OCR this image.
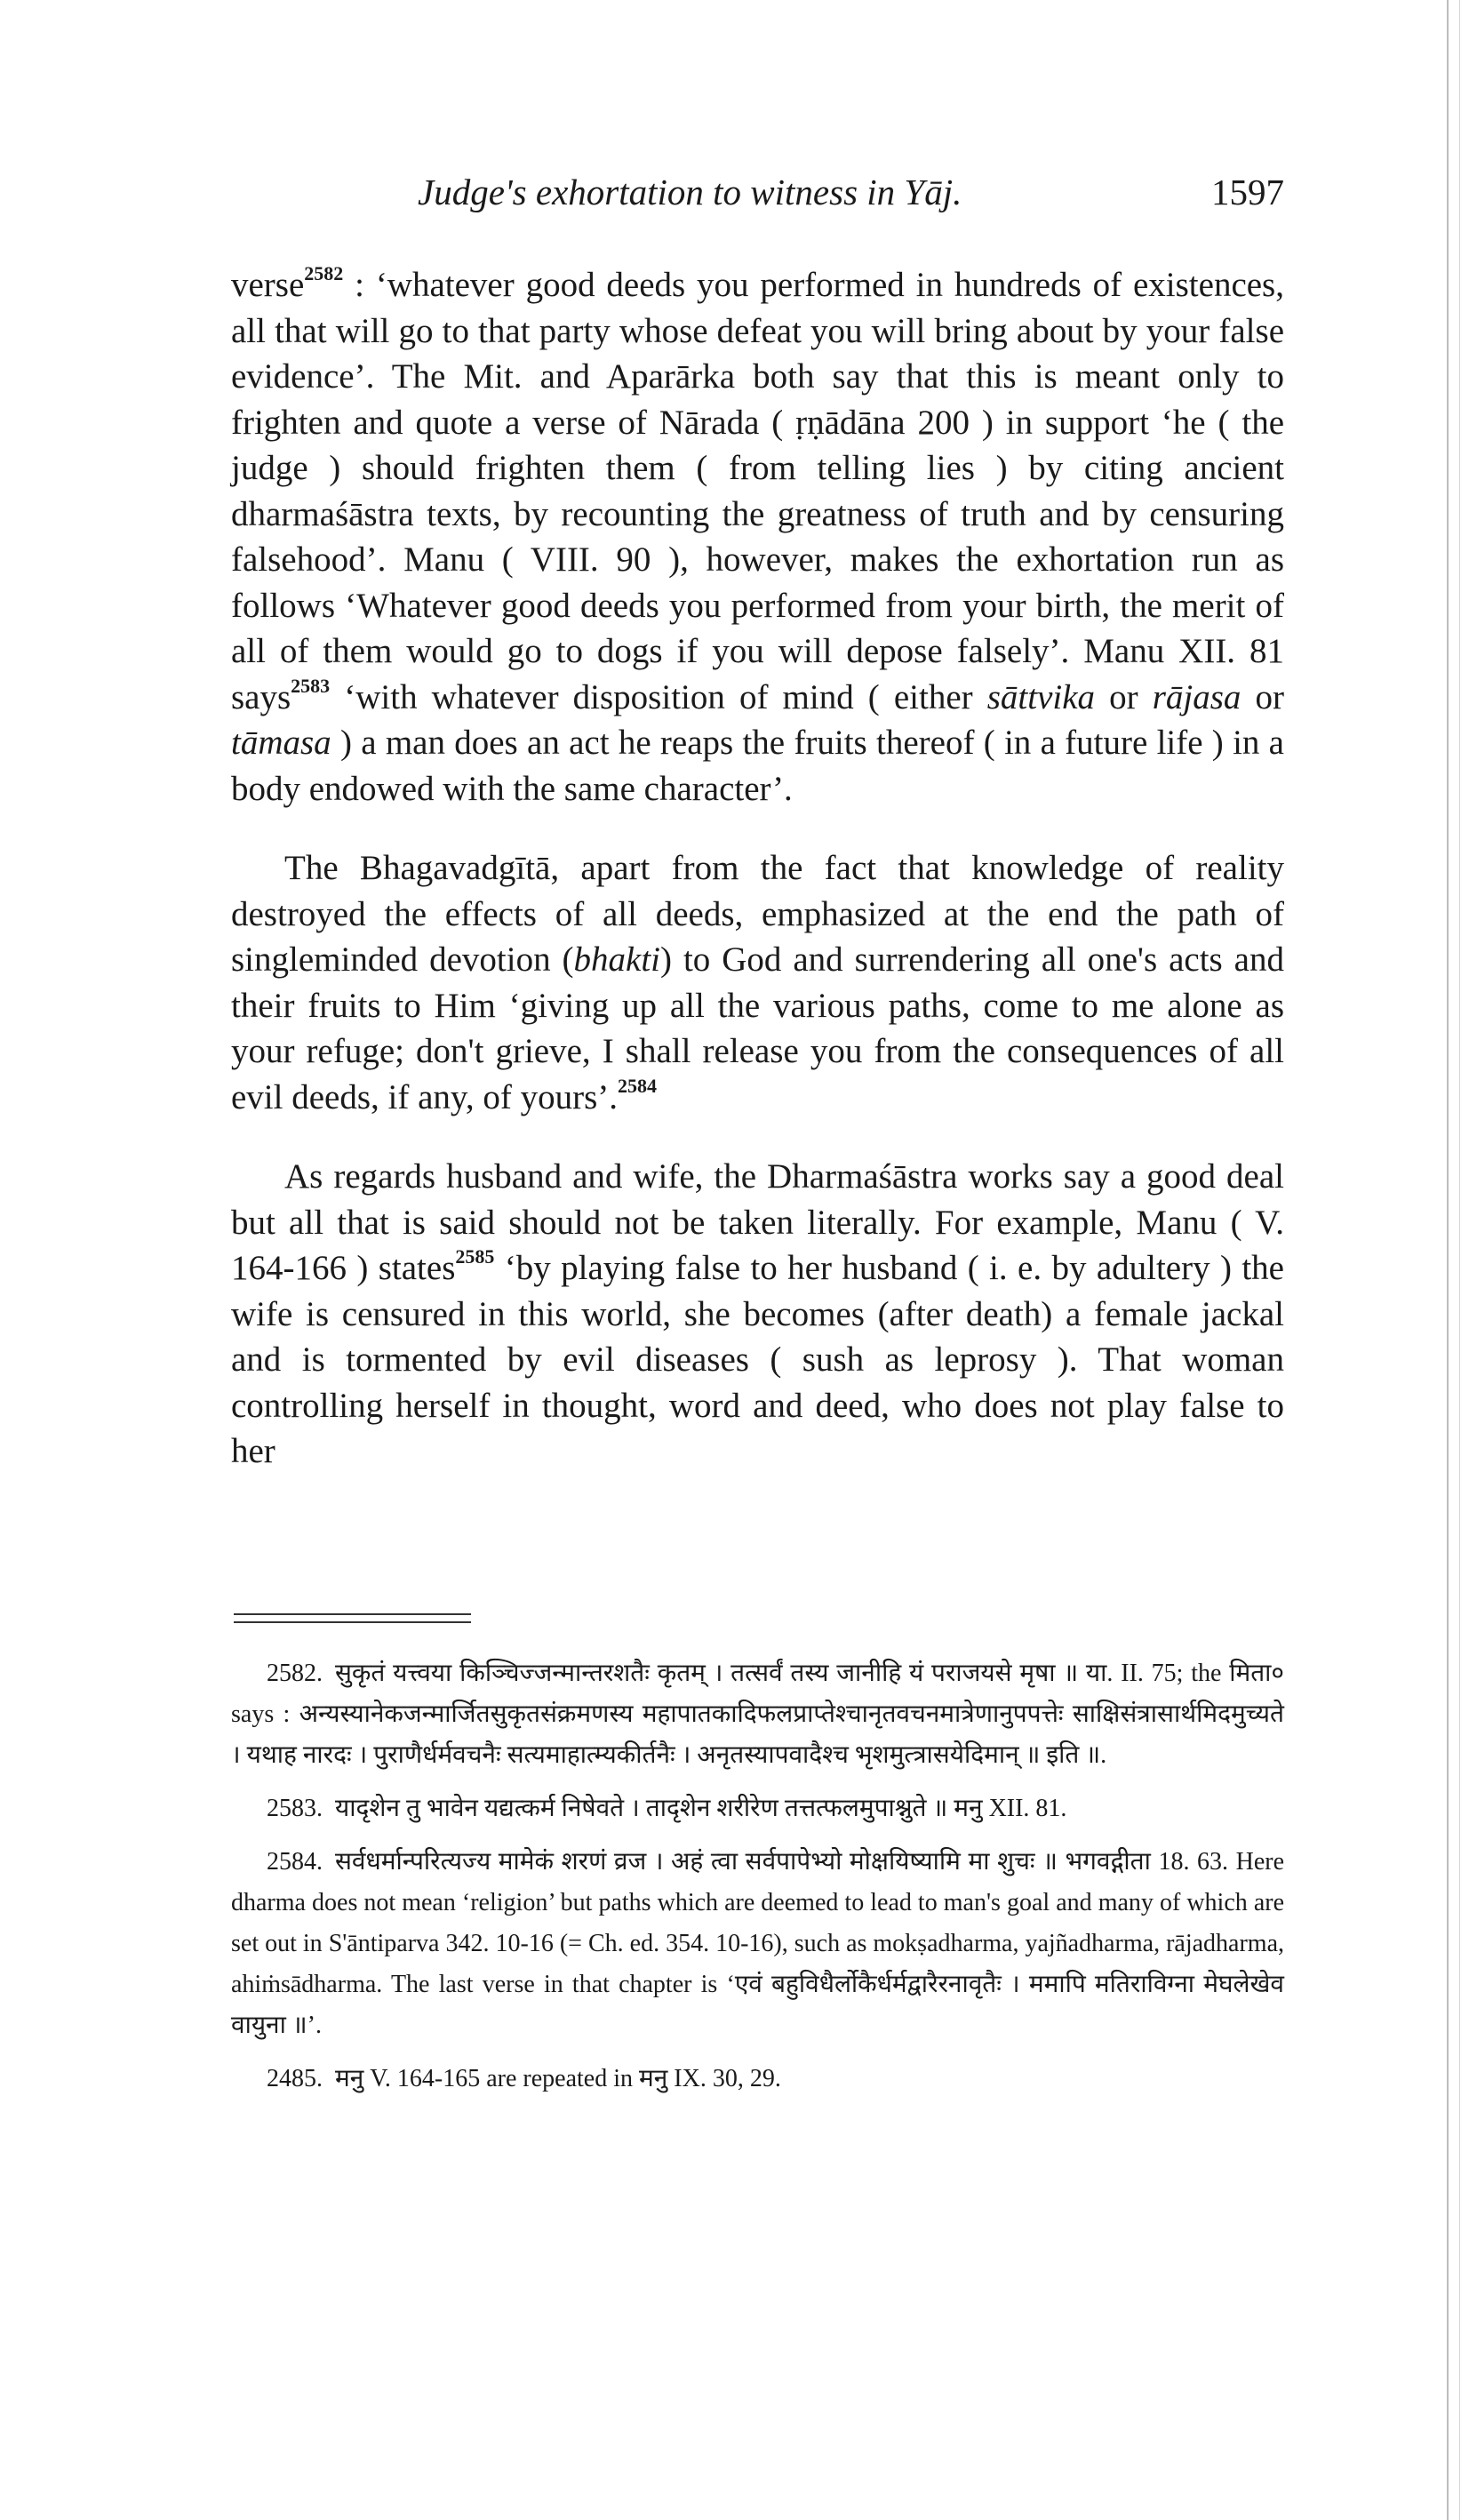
Judge's exhortation to witness in Yāj.	1597

verse$^{2582}$ : ‘whatever good deeds you performed in hundreds of existences, all that will go to that party whose defeat you will bring about by your false evidence’. The Mit. and Aparārka both say that this is meant only to frighten and quote a verse of Nārada ( ṛṇādāna 200 ) in support ‘he ( the judge ) should frighten them ( from telling lies ) by citing ancient dharmaśāstra texts, by recounting the greatness of truth and by censuring falsehood’. Manu ( VIII. 90 ), however, makes the exhortation run as follows ‘Whatever good deeds you performed from your birth, the merit of all of them would go to dogs if you will depose falsely’. Manu XII. 81 says$^{2583}$ ‘with whatever disposition of mind ( either sāttvika or rājasa or tāmasa ) a man does an act he reaps the fruits thereof ( in a future life ) in a body endowed with the same character’.

The Bhagavadgītā, apart from the fact that knowledge of reality destroyed the effects of all deeds, emphasized at the end the path of singleminded devotion (bhakti) to God and surrendering all one's acts and their fruits to Him ‘giving up all the various paths, come to me alone as your refuge; don't grieve, I shall release you from the consequences of all evil deeds, if any, of yours’.$^{2584}$

As regards husband and wife, the Dharmaśāstra works say a good deal but all that is said should not be taken literally. For example, Manu ( V. 164-166 ) states$^{2585}$ ‘by playing false to her husband ( i. e. by adultery ) the wife is censured in this world, she becomes (after death) a female jackal and is tormented by evil diseases ( sush as leprosy ). That woman controlling herself in thought, word and deed, who does not play false to her

2582. सुकृतं यत्त्वया किञ्चिज्जन्मान्तरशतैः कृतम् । तत्सर्वं तस्य जानीहि यं पराजयसे मृषा ॥ या. II. 75; the मिता० says : अन्यस्यानेकजन्मार्जितसुकृतसंक्रमणस्य महापातकादिफलप्राप्तेश्चानृतवचनमात्रेणानुपपत्तेः साक्षिसंत्रासार्थमिदमुच्यते । यथाह नारदः । पुराणैर्धर्मवचनैः सत्यमाहात्म्यकीर्तनैः । अनृतस्यापवादैश्च भृशमुत्त्रासयेदिमान् ॥ इति ॥.

2583. यादृशेन तु भावेन यद्यत्कर्म निषेवते । तादृशेन शरीरेण तत्तत्फलमुपाश्नुते ॥ मनु XII. 81.

2584. सर्वधर्मान्परित्यज्य मामेकं शरणं व्रज । अहं त्वा सर्वपापेभ्यो मोक्षयिष्यामि मा शुचः ॥ भगवद्गीता 18. 63. Here dharma does not mean ‘religion’ but paths which are deemed to lead to man's goal and many of which are set out in S'āntiparva 342. 10-16 (= Ch. ed. 354. 10-16), such as mokṣadharma, yajñadharma, rājadharma, ahiṁsādharma. The last verse in that chapter is ‘एवं बहुविधैर्लोकैर्धर्मद्वारैरनावृतैः । ममापि मतिराविग्ना मेघलेखेव वायुना ॥’.

2485. मनु V. 164-165 are repeated in मनु IX. 30, 29.
